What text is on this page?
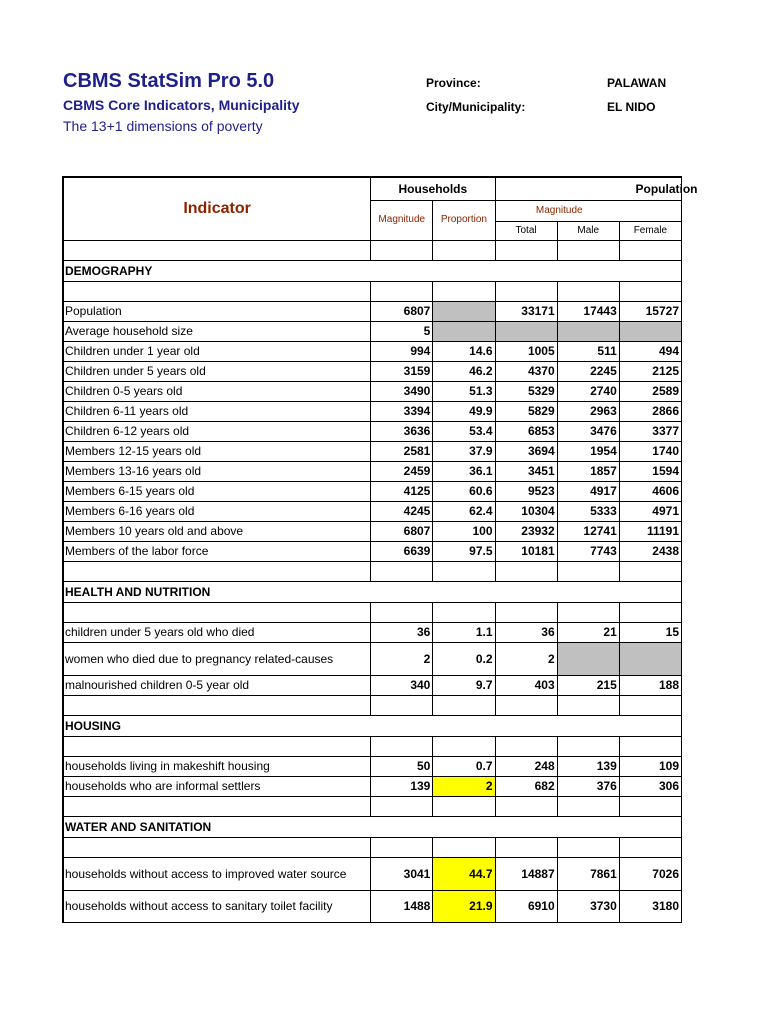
CBMS StatSim Pro 5.0
CBMS Core Indicators, Municipality
The 13+1 dimensions of poverty
Province:	PALAWAN
City/Municipality:	EL NIDO
Indicator	Households		Population		
	Magnitude	Proportion	Magnitude		
			Total	Male	Female

DEMOGRAPHY					

Population	6807		33171	17443	15727
Average household size	5				
Children under 1 year old	994	14.6	1005	511	494
Children under 5 years old	3159	46.2	4370	2245	2125
Children 0-5 years old	3490	51.3	5329	2740	2589
Children 6-11 years old	3394	49.9	5829	2963	2866
Children 6-12 years old	3636	53.4	6853	3476	3377
Members 12-15 years old	2581	37.9	3694	1954	1740
Members 13-16 years old	2459	36.1	3451	1857	1594
Members 6-15 years old	4125	60.6	9523	4917	4606
Members 6-16 years old	4245	62.4	10304	5333	4971
Members 10 years old and above	6807	100	23932	12741	11191
Members of the labor force	6639	97.5	10181	7743	2438

HEALTH AND NUTRITION					

children under 5 years old who died	36	1.1	36	21	15
women who died due to pregnancy related-causes	2	0.2	2		
malnourished children 0-5 year old	340	9.7	403	215	188

HOUSING					

households living in makeshift housing	50	0.7	248	139	109
households who are informal settlers	139	2	682	376	306

WATER AND SANITATION					

households without access to improved water source	3041	44.7	14887	7861	7026
households without access to sanitary toilet facility	1488	21.9	6910	3730	3180
